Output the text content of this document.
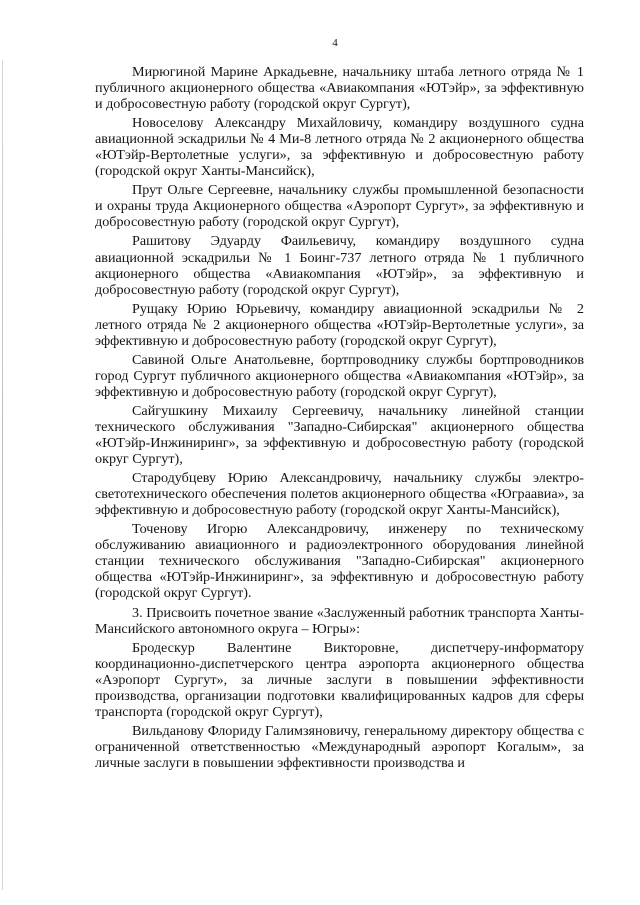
4

Мирюгиной Марине Аркадьевне, начальнику штаба летного отряда № 1 публичного акционерного общества «Авиакомпания «ЮТэйр», за эффективную и добросовестную работу (городской округ Сургут),

Новоселову Александру Михайловичу, командиру воздушного судна авиационной эскадрильи № 4 Ми-8 летного отряда № 2 акционерного общества «ЮТэйр-Вертолетные услуги», за эффективную и добросовестную работу (городской округ Ханты-Мансийск),

Прут Ольге Сергеевне, начальнику службы промышленной безопасности и охраны труда Акционерного общества «Аэропорт Сургут», за эффективную и добросовестную работу (городской округ Сургут),

Рашитову Эдуарду Фаильевичу, командиру воздушного судна авиационной эскадрильи № 1 Боинг-737 летного отряда № 1 публичного акционерного общества «Авиакомпания «ЮТэйр», за эффективную и добросовестную работу (городской округ Сургут),

Рущаку Юрию Юрьевичу, командиру авиационной эскадрильи № 2 летного отряда № 2 акционерного общества «ЮТэйр-Вертолетные услуги», за эффективную и добросовестную работу (городской округ Сургут),

Савиной Ольге Анатольевне, бортпроводнику службы бортпроводников город Сургут публичного акционерного общества «Авиакомпания «ЮТэйр», за эффективную и добросовестную работу (городской округ Сургут),

Сайгушкину Михаилу Сергеевичу, начальнику линейной станции технического обслуживания "Западно-Сибирская" акционерного общества «ЮТэйр-Инжиниринг», за эффективную и добросовестную работу (городской округ Сургут),

Стародубцеву Юрию Александровичу, начальнику службы электро-светотехнического обеспечения полетов акционерного общества «Юграавиа», за эффективную и добросовестную работу (городской округ Ханты-Мансийск),

Точенову Игорю Александровичу, инженеру по техническому обслуживанию авиационного и радиоэлектронного оборудования линейной станции технического обслуживания "Западно-Сибирская" акционерного общества «ЮТэйр-Инжиниринг», за эффективную и добросовестную работу (городской округ Сургут).

3. Присвоить почетное звание «Заслуженный работник транспорта Ханты-Мансийского автономного округа – Югры»:

Бродескур Валентине Викторовне, диспетчеру-информатору координационно-диспетчерского центра аэропорта акционерного общества «Аэропорт Сургут», за личные заслуги в повышении эффективности производства, организации подготовки квалифицированных кадров для сферы транспорта (городской округ Сургут),

Вильданову Флориду Галимзяновичу, генеральному директору общества с ограниченной ответственностью «Международный аэропорт Когалым», за личные заслуги в повышении эффективности производства и
